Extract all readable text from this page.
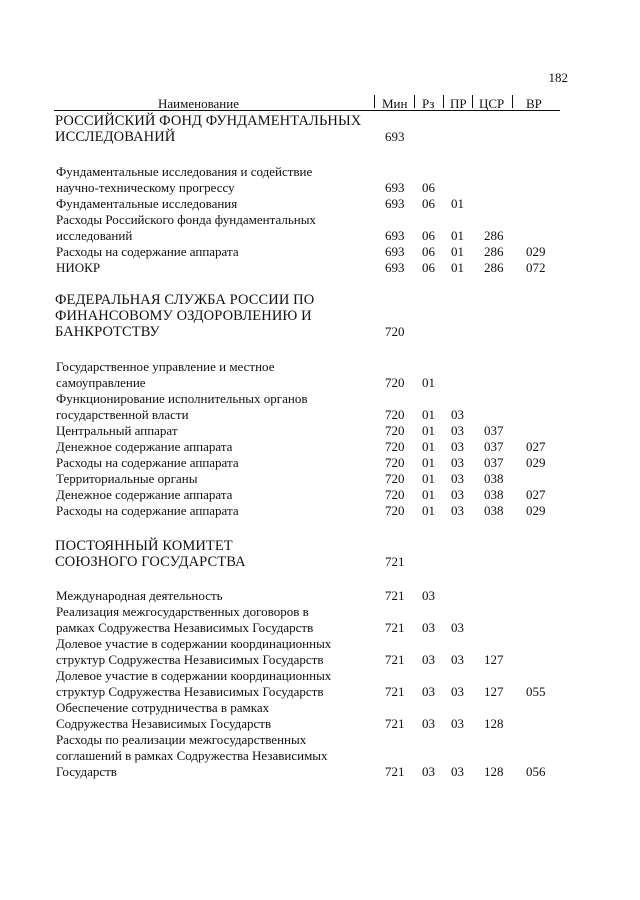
182
Наименование	Мин Рз ПР ЦСР ВР
РОССИЙСКИЙ ФОНД ФУНДАМЕНТАЛЬНЫХ
ИССЛЕДОВАНИЙ	693
Фундаментальные исследования и содействие
научно-техническому прогрессу	693 06
Фундаментальные исследования	693 06 01
Расходы Российского фонда фундаментальных
исследований	693 06 01 286
Расходы на содержание аппарата	693 06 01 286 029
НИОКР	693 06 01 286 072
ФЕДЕРАЛЬНАЯ СЛУЖБА РОССИИ ПО
ФИНАНСОВОМУ ОЗДОРОВЛЕНИЮ И
БАНКРОТСТВУ	720
Государственное управление и местное
самоуправление	720 01
Функционирование исполнительных органов
государственной власти	720 01 03
Центральный аппарат	720 01 03 037
Денежное содержание аппарата	720 01 03 037 027
Расходы на содержание аппарата	720 01 03 037 029
Территориальные органы	720 01 03 038
Денежное содержание аппарата	720 01 03 038 027
Расходы на содержание аппарата	720 01 03 038 029
ПОСТОЯННЫЙ КОМИТЕТ
СОЮЗНОГО ГОСУДАРСТВА	721
Международная деятельность	721 03
Реализация межгосударственных договоров в
рамках Содружества Независимых Государств	721 03 03
Долевое участие в содержании координационных
структур Содружества Независимых Государств	721 03 03 127
Долевое участие в содержании координационных
структур Содружества Независимых Государств	721 03 03 127 055
Обеспечение сотрудничества в рамках
Содружества Независимых Государств	721 03 03 128
Расходы по реализации межгосударственных
соглашений в рамках Содружества Независимых
Государств	721 03 03 128 056
